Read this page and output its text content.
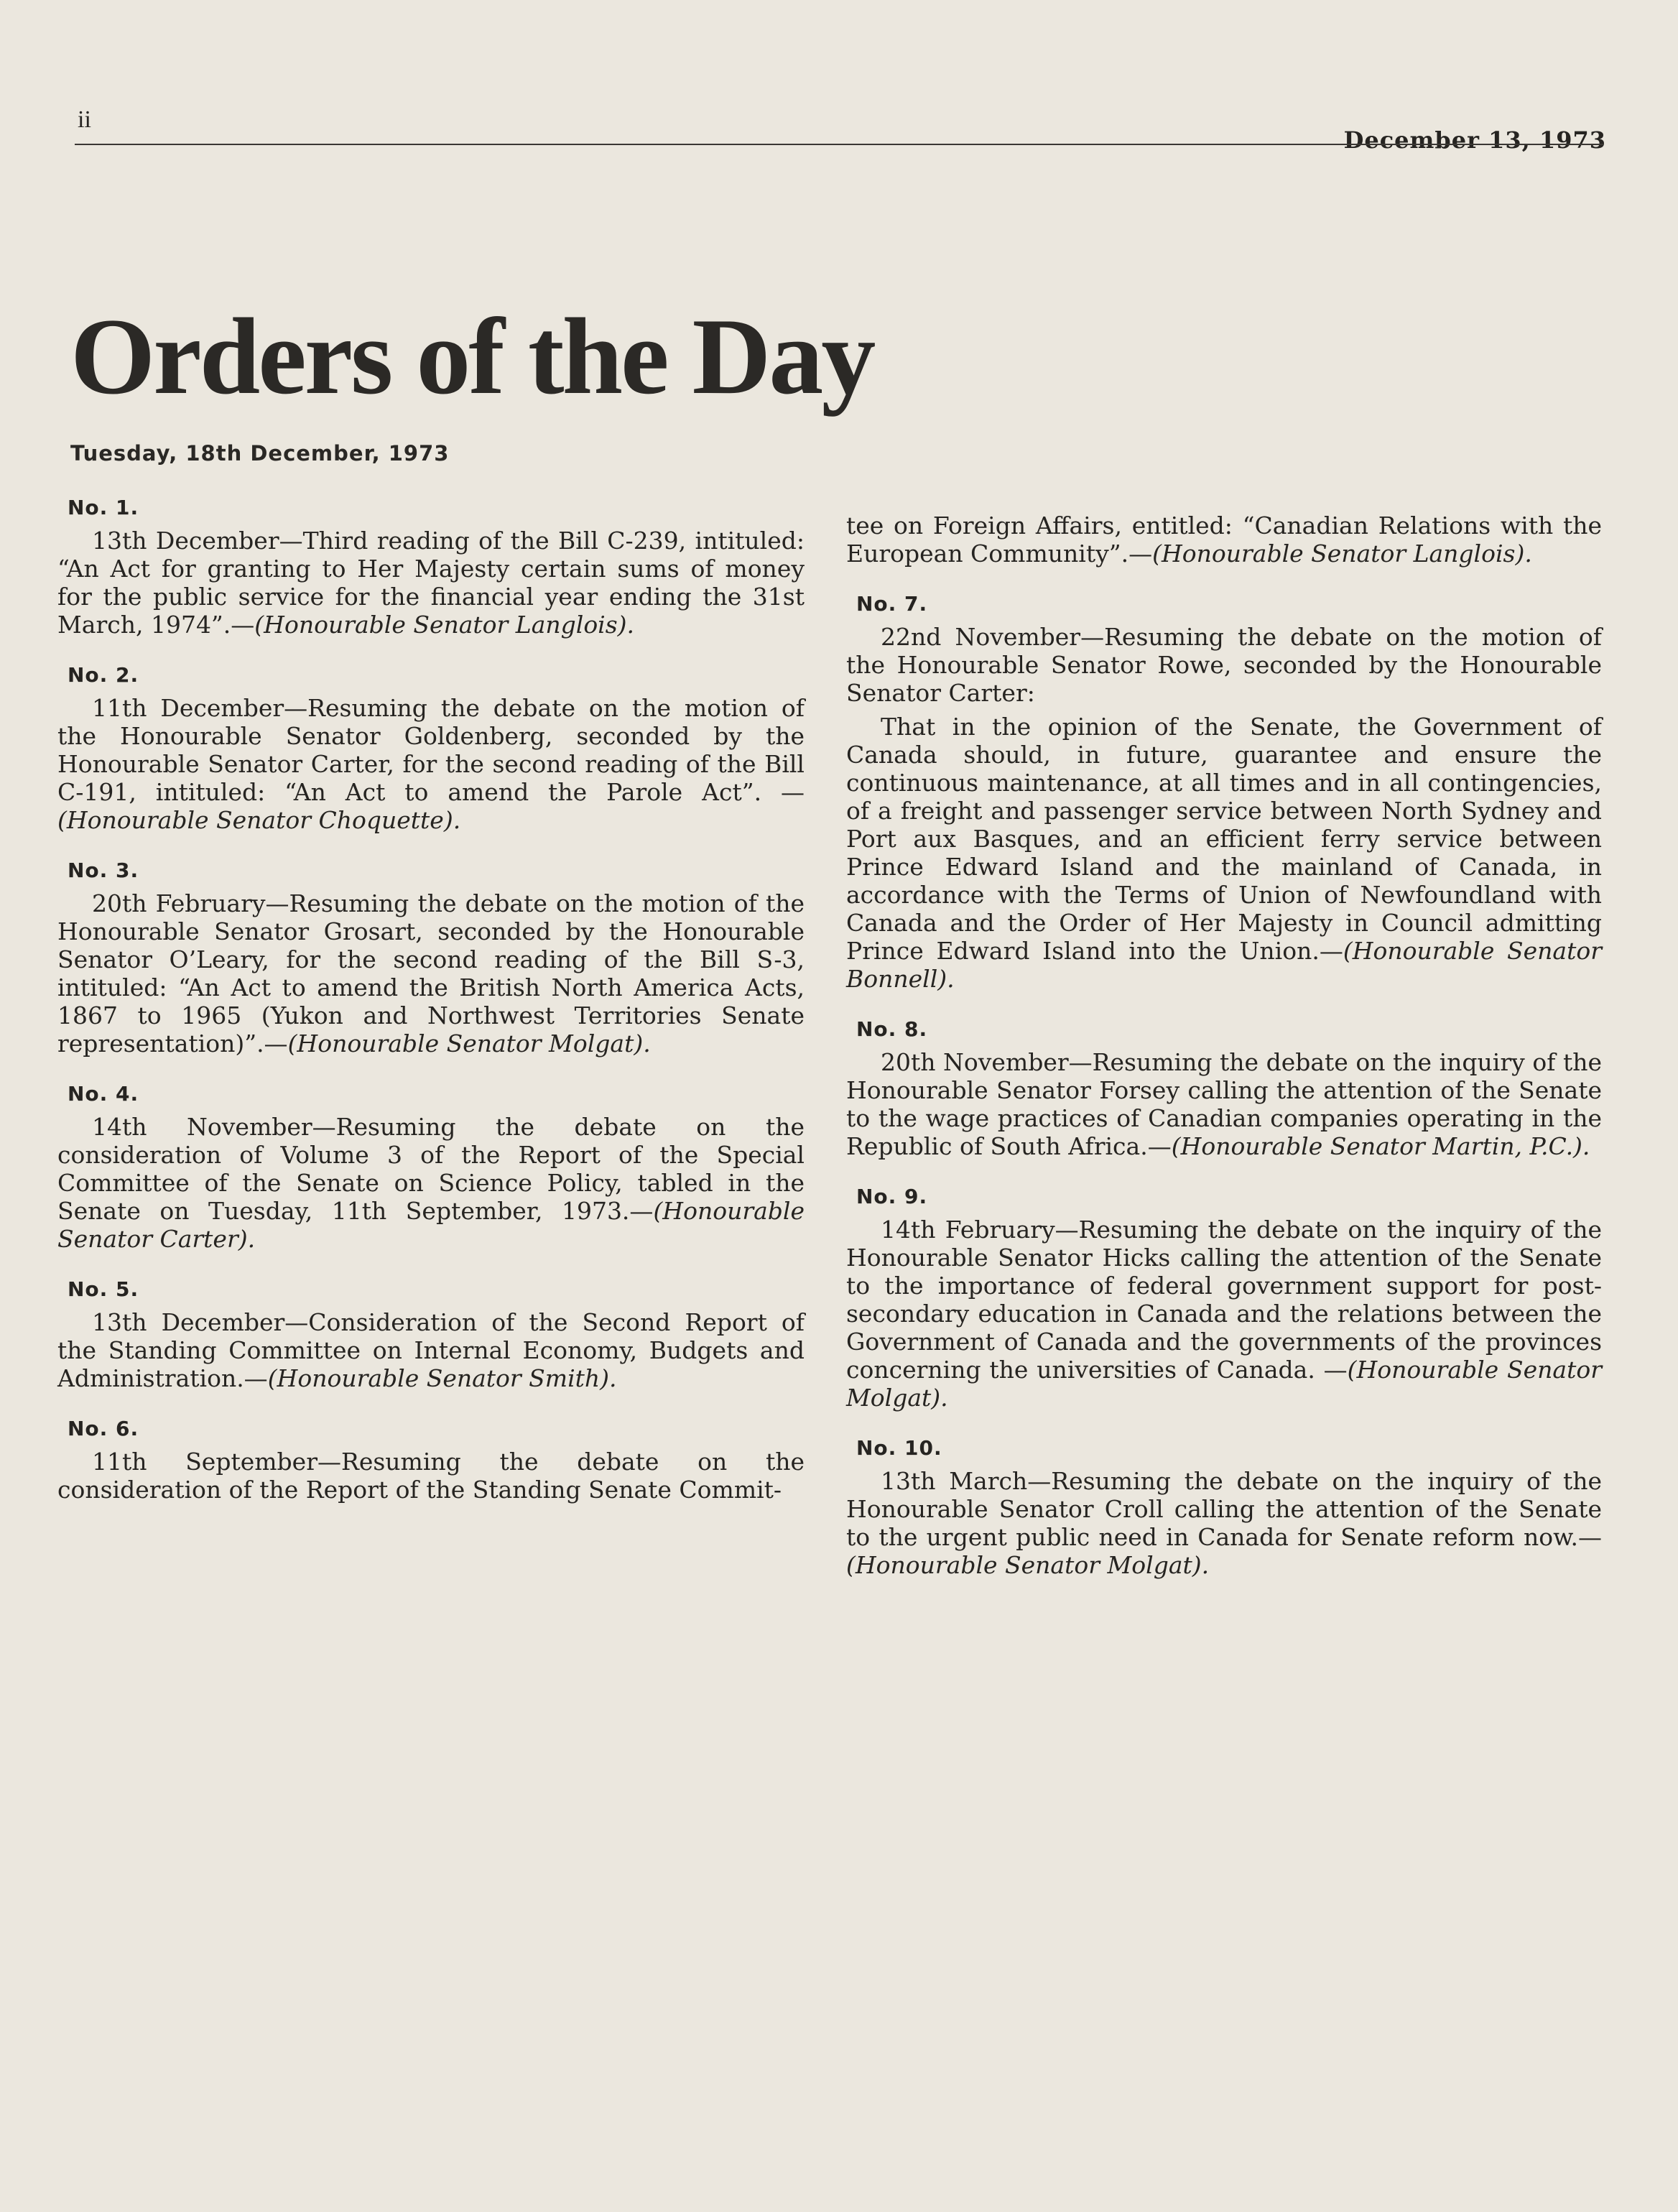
ii
December 13, 1973
Orders of the Day
Tuesday, 18th December, 1973
No. 1.

13th December—Third reading of the Bill C-239, intituled: “An Act for granting to Her Majesty certain sums of money for the public service for the financial year ending the 31st March, 1974”.—(Honourable Senator Langlois).

No. 2.

11th December—Resuming the debate on the motion of the Honourable Senator Goldenberg, seconded by the Honourable Senator Carter, for the second reading of the Bill C-191, intituled: “An Act to amend the Parole Act”. —(Honourable Senator Choquette).

No. 3.

20th February—Resuming the debate on the motion of the Honourable Senator Grosart, seconded by the Honourable Senator O’Leary, for the second reading of the Bill S-3, intituled: “An Act to amend the British North America Acts, 1867 to 1965 (Yukon and Northwest Territories Senate representation)”.—(Honourable Senator Molgat).

No. 4.

14th November—Resuming the debate on the consideration of Volume 3 of the Report of the Special Committee of the Senate on Science Policy, tabled in the Senate on Tuesday, 11th September, 1973.—(Honourable Senator Carter).

No. 5.

13th December—Consideration of the Second Report of the Standing Committee on Internal Economy, Budgets and Administration.—(Honourable Senator Smith).

No. 6.

11th September—Resuming the debate on the consideration of the Report of the Standing Senate Commit-

tee on Foreign Affairs, entitled: “Canadian Relations with the European Community”.—(Honourable Senator Langlois).

No. 7.

22nd November—Resuming the debate on the motion of the Honourable Senator Rowe, seconded by the Honourable Senator Carter:

That in the opinion of the Senate, the Government of Canada should, in future, guarantee and ensure the continuous maintenance, at all times and in all contingencies, of a freight and passenger service between North Sydney and Port aux Basques, and an efficient ferry service between Prince Edward Island and the mainland of Canada, in accordance with the Terms of Union of Newfoundland with Canada and the Order of Her Majesty in Council admitting Prince Edward Island into the Union.—(Honourable Senator Bonnell).

No. 8.

20th November—Resuming the debate on the inquiry of the Honourable Senator Forsey calling the attention of the Senate to the wage practices of Canadian companies operating in the Republic of South Africa.—(Honourable Senator Martin, P.C.).

No. 9.

14th February—Resuming the debate on the inquiry of the Honourable Senator Hicks calling the attention of the Senate to the importance of federal government support for post-secondary education in Canada and the relations between the Government of Canada and the governments of the provinces concerning the universities of Canada. —(Honourable Senator Molgat).

No. 10.

13th March—Resuming the debate on the inquiry of the Honourable Senator Croll calling the attention of the Senate to the urgent public need in Canada for Senate reform now.—(Honourable Senator Molgat).
